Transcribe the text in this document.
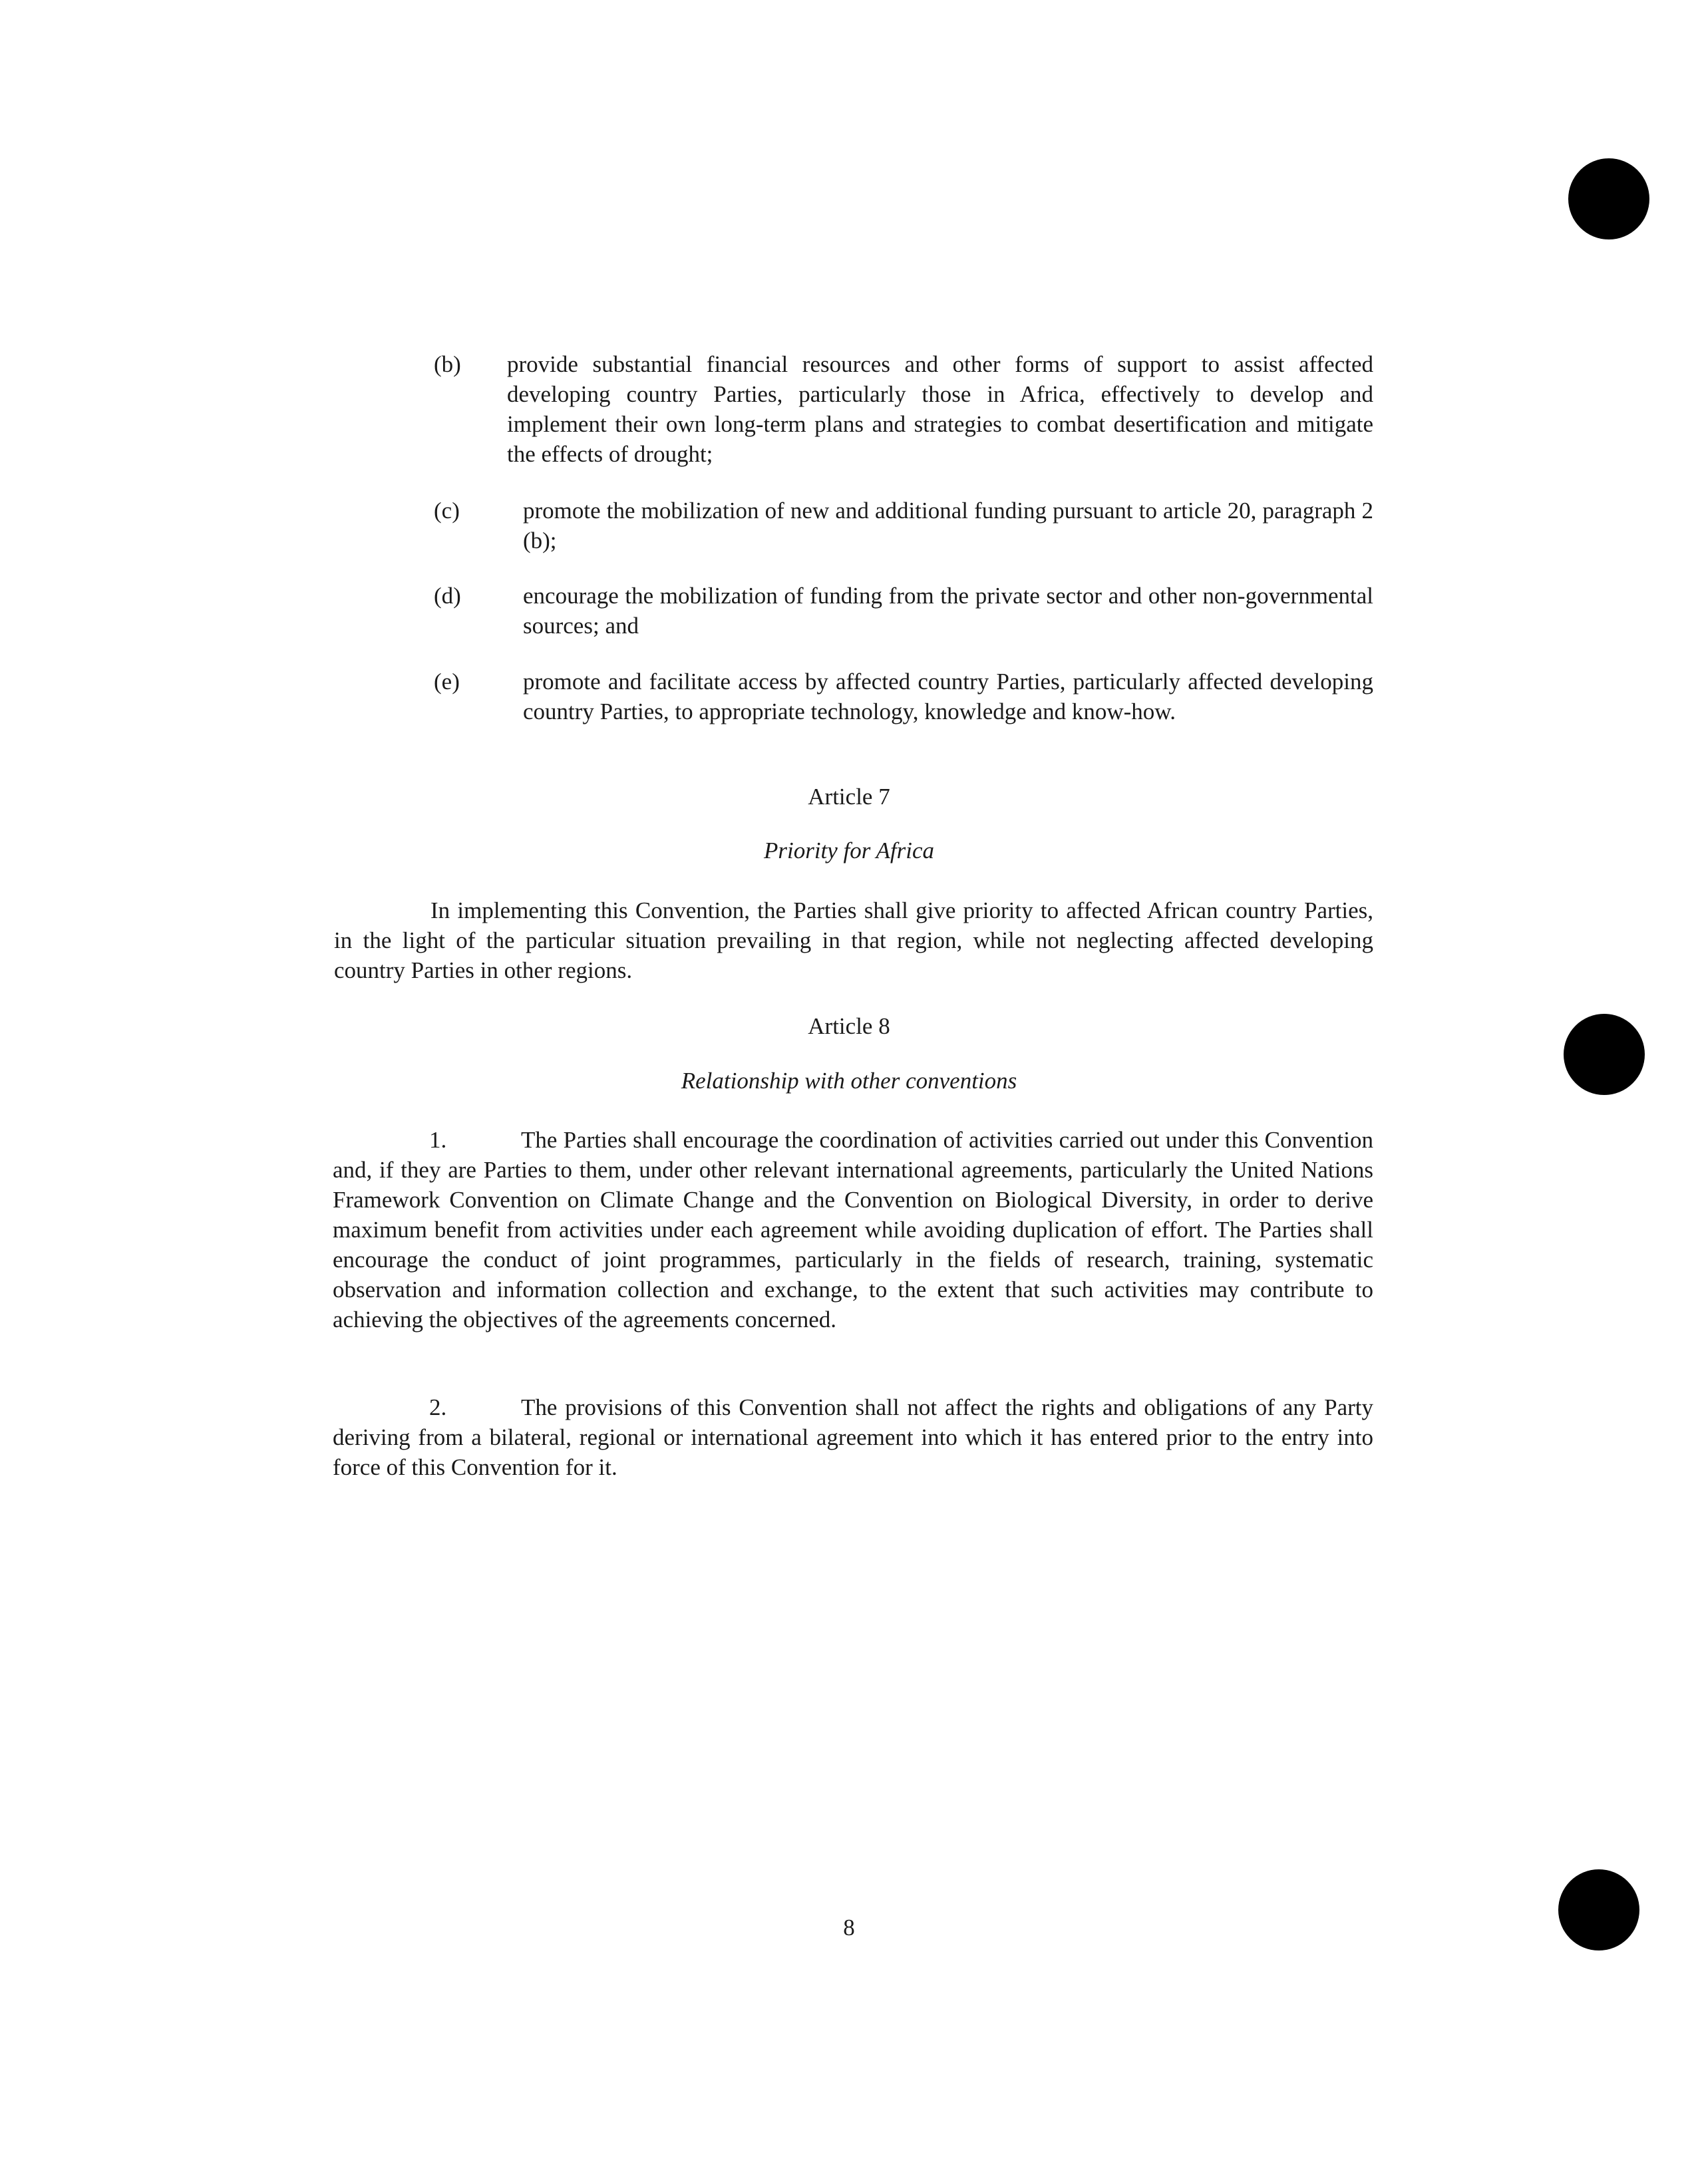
(b) provide substantial financial resources and other forms of support to assist affected developing country Parties, particularly those in Africa, effectively to develop and implement their own long-term plans and strategies to combat desertification and mitigate the effects of drought;
(c)	promote the mobilization of new and additional funding pursuant to article 20, paragraph 2 (b);
(d)	encourage the mobilization of funding from the private sector and other non-governmental sources; and
(e)	promote and facilitate access by affected country Parties, particularly affected developing country Parties, to appropriate technology, knowledge and know-how.
Article 7
Priority for Africa
In implementing this Convention, the Parties shall give priority to affected African country Parties, in the light of the particular situation prevailing in that region, while not neglecting affected developing country Parties in other regions.
Article 8
Relationship with other conventions
1.	The Parties shall encourage the coordination of activities carried out under this Convention and, if they are Parties to them, under other relevant international agreements, particularly the United Nations Framework Convention on Climate Change and the Convention on Biological Diversity, in order to derive maximum benefit from activities under each agreement while avoiding duplication of effort. The Parties shall encourage the conduct of joint programmes, particularly in the fields of research, training, systematic observation and information collection and exchange, to the extent that such activities may contribute to achieving the objectives of the agreements concerned.
2.	The provisions of this Convention shall not affect the rights and obligations of any Party deriving from a bilateral, regional or international agreement into which it has entered prior to the entry into force of this Convention for it.
8
